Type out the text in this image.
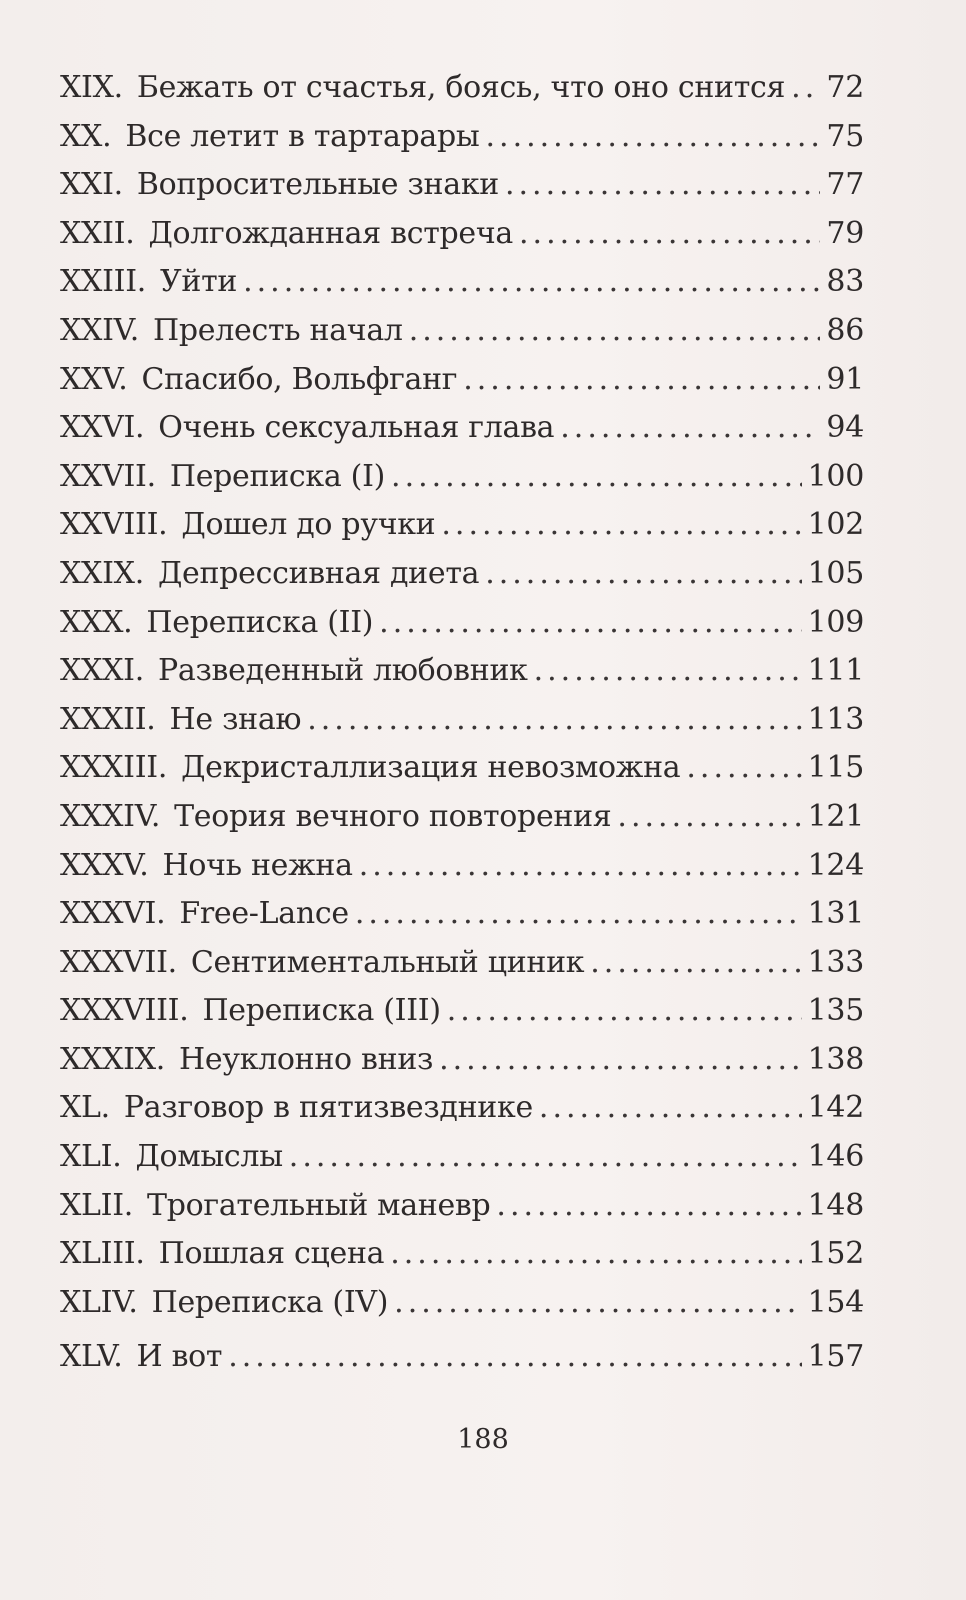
XIX. Бежать от счастья, боясь, что оно снится ..... 72
XX. Все летит в тартарары .....	75
XXI. Вопросительные знаки .....	77
XXII. Долгожданная встреча .....	79
XXIII. Уйти .....	83
XXIV. Прелесть начал .....	86
XXV. Спасибо, Вольфганг .....	91
XXVI. Очень сексуальная глава .....	94
XXVII. Переписка (I) .....	100
XXVIII. Дошел до ручки .....	102
XXIX. Депрессивная диета .....	105
XXX. Переписка (II) .....	109
XXXI. Разведенный любовник .....	111
XXXII. Не знаю .....	113
XXXIII. Декристаллизация невозможна .....	115
XXXIV. Теория вечного повторения .....	121
XXXV. Ночь нежна .....	124
XXXVI. Free-Lance .....	131
XXXVII. Сентиментальный циник .....	133
XXXVIII. Переписка (III) .....	135
XXXIX. Неуклонно вниз .....	138
XL. Разговор в пятизвезднике .....	142
XLI. Домыслы .....	146
XLII. Трогательный маневр .....	148
XLIII. Пошлая сцена .....	152
XLIV. Переписка (IV) .....	154
XLV. И вот .....	157
188
